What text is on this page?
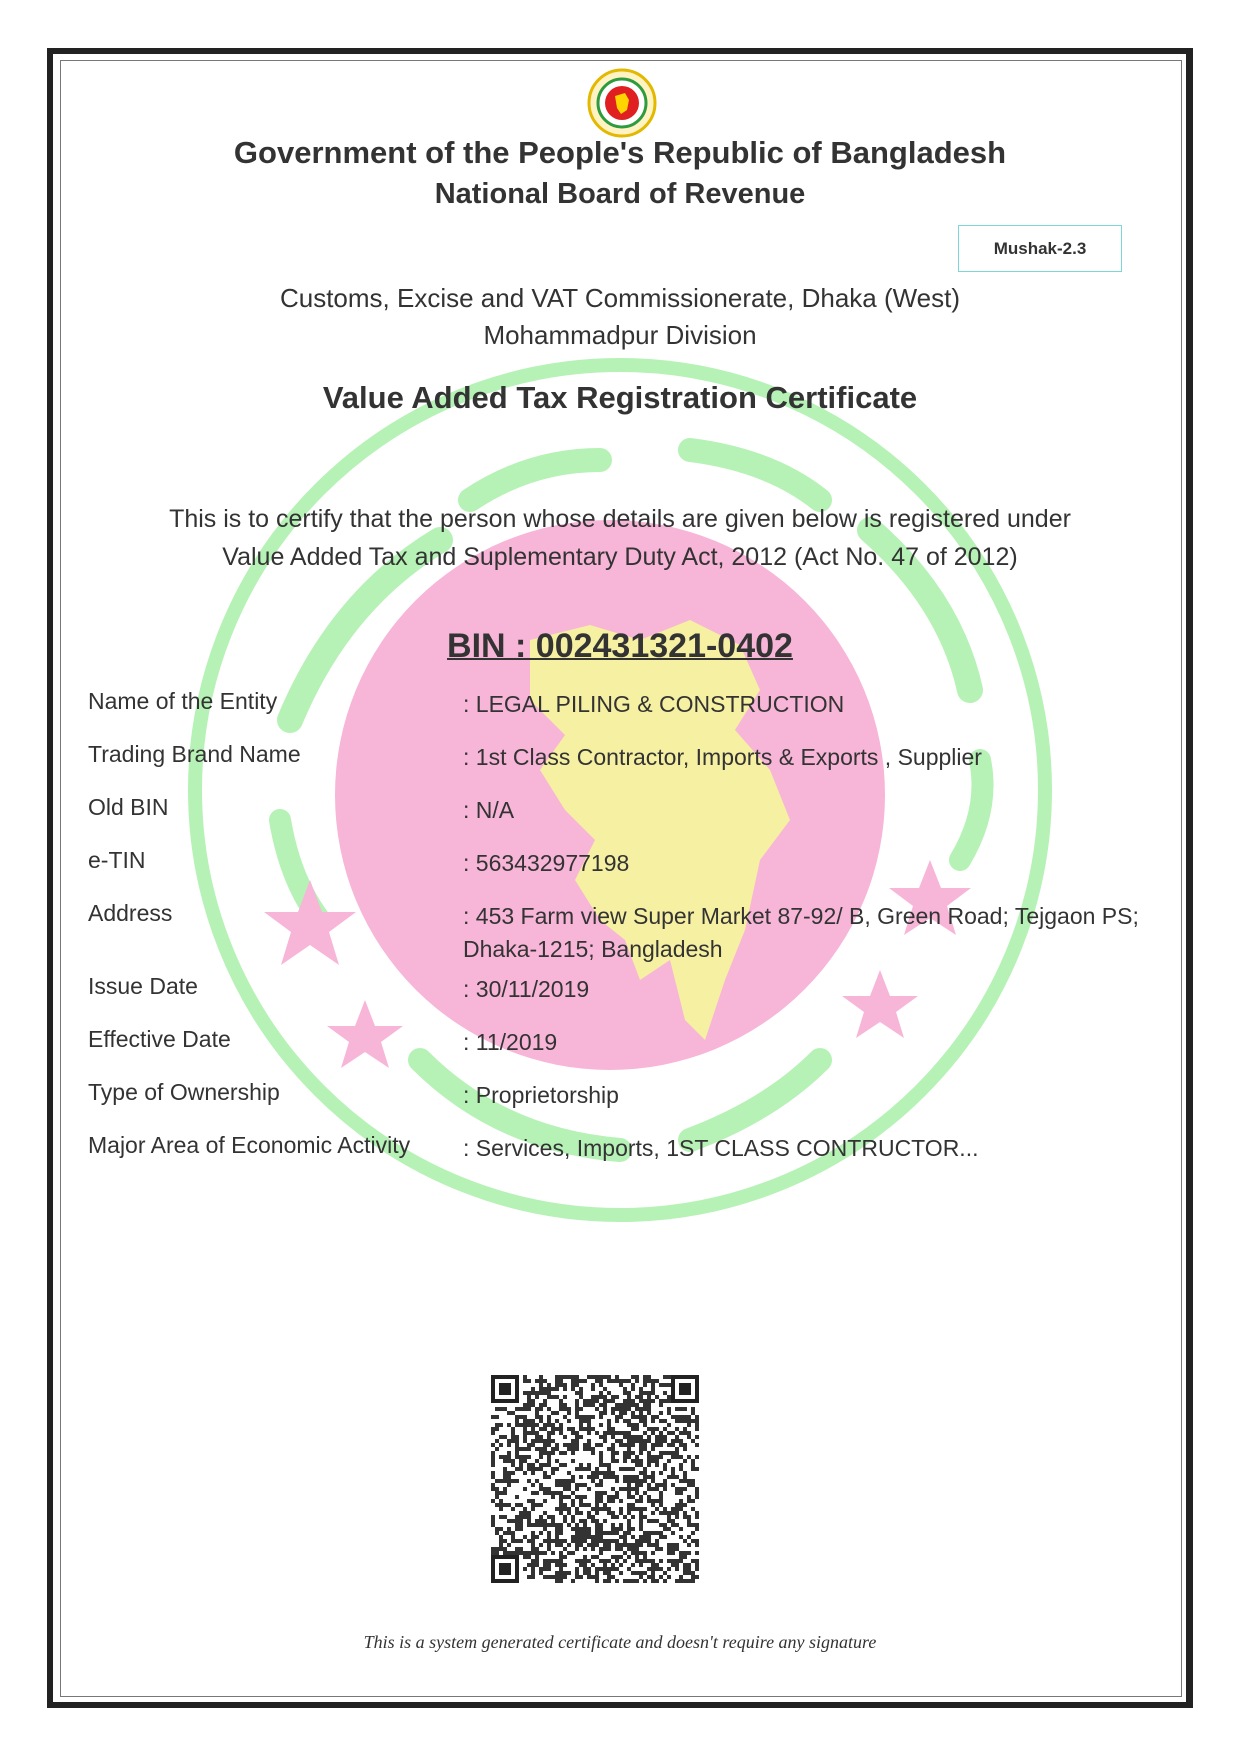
Government of the People's Republic of Bangladesh
National Board of Revenue
Mushak-2.3
Customs, Excise and VAT Commissionerate, Dhaka (West)
Mohammadpur Division
Value Added Tax Registration Certificate
This is to certify that the person whose details are given below is registered under
Value Added Tax and Suplementary Duty Act, 2012 (Act No. 47 of 2012)
BIN : 002431321-0402
Name of the Entity	: LEGAL PILING & CONSTRUCTION
Trading Brand Name	: 1st Class Contractor, Imports & Exports , Supplier
Old BIN	: N/A
e-TIN	: 563432977198
Address	: 453 Farm view Super Market 87-92/ B, Green Road; Tejgaon PS; Dhaka-1215; Bangladesh
Issue Date	: 30/11/2019
Effective Date	: 11/2019
Type of Ownership	: Proprietorship
Major Area of Economic Activity : Services, Imports, 1ST CLASS CONTRUCTOR...
This is a system generated certificate and doesn't require any signature
